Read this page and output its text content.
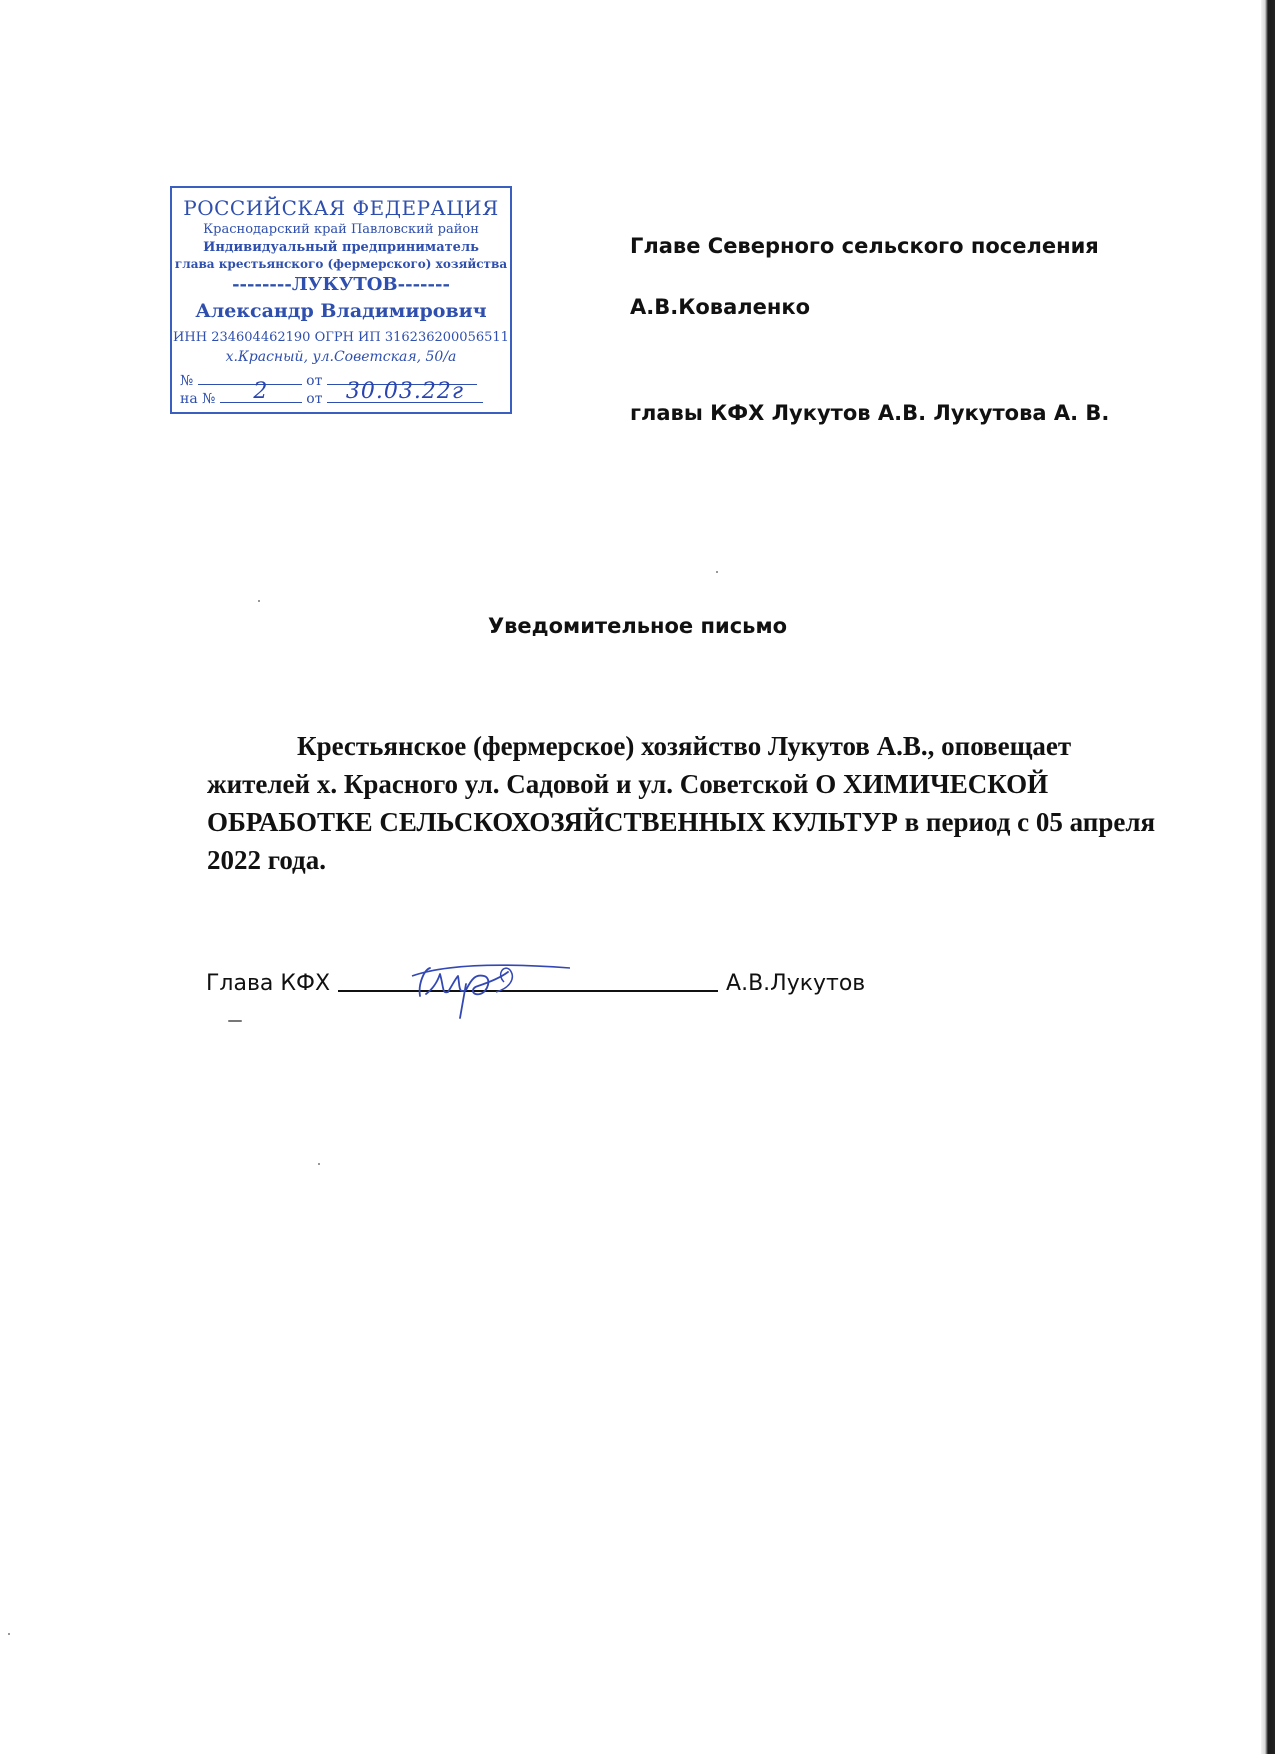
РОССИЙСКАЯ ФЕДЕРАЦИЯ
Краснодарский край Павловский район
Индивидуальный предприниматель
глава крестьянского (фермерского) хозяйства
--------ЛУКУТОВ-------
Александр Владимирович
ИНН 234604462190 ОГРН ИП 316236200056511
х.Красный, ул.Советская, 50/а
№	от
на №	2	от	30.03.22г
Главе Северного сельского поселения
А.В.Коваленко
главы КФХ Лукутов А.В. Лукутова А. В.
Уведомительное письмо

Крестьянское (фермерское) хозяйство Лукутов А.В., оповещает жителей х. Красного ул. Садовой и ул. Советской О ХИМИЧЕСКОЙ ОБРАБОТКЕ СЕЛЬСКОХОЗЯЙСТВЕННЫХ КУЛЬТУР в период с 05 апреля 2022 года.

Глава КФХ	А.В.Лукутов
